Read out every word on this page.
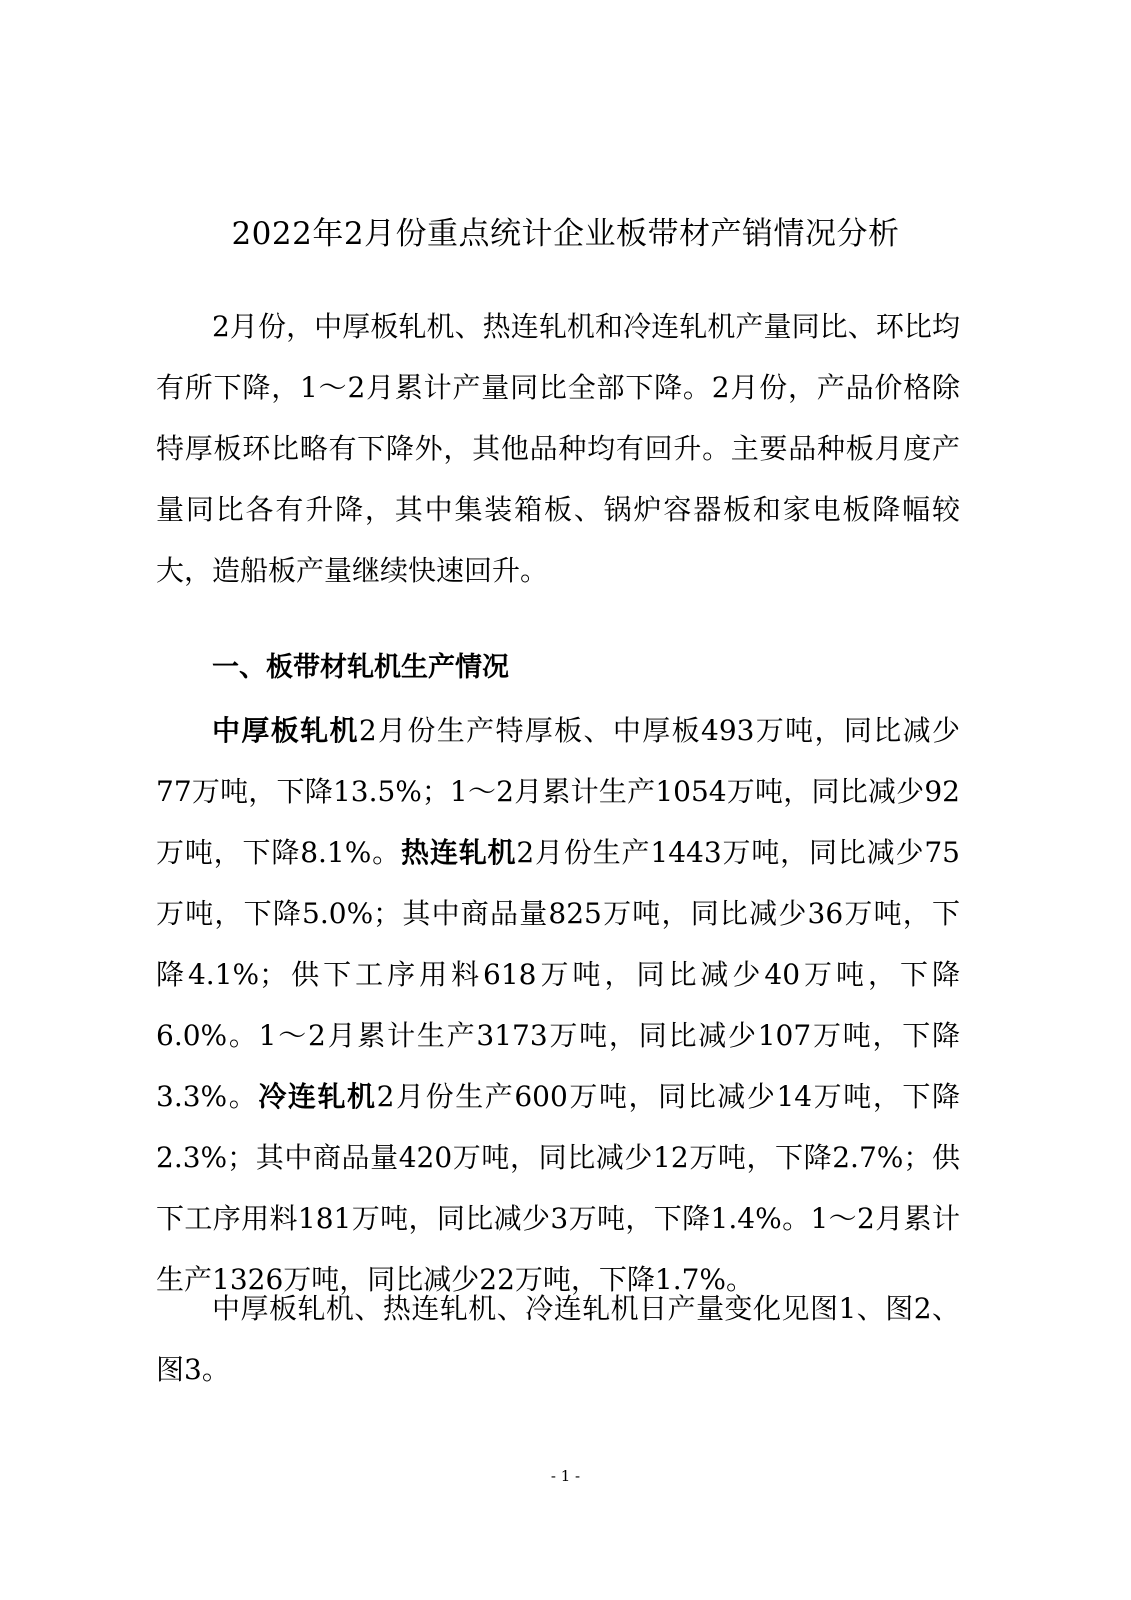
2022年2月份重点统计企业板带材产销情况分析

2月份，中厚板轧机、热连轧机和冷连轧机产量同比、环比均有所下降，1～2月累计产量同比全部下降。2月份，产品价格除特厚板环比略有下降外，其他品种均有回升。主要品种板月度产量同比各有升降，其中集装箱板、锅炉容器板和家电板降幅较大，造船板产量继续快速回升。

一、板带材轧机生产情况

中厚板轧机2月份生产特厚板、中厚板493万吨，同比减少77万吨，下降13.5%；1～2月累计生产1054万吨，同比减少92万吨，下降8.1%。热连轧机2月份生产1443万吨，同比减少75万吨，下降5.0%；其中商品量825万吨，同比减少36万吨，下降4.1%；供下工序用料618万吨，同比减少40万吨，下降6.0%。1～2月累计生产3173万吨，同比减少107万吨，下降3.3%。冷连轧机2月份生产600万吨，同比减少14万吨，下降2.3%；其中商品量420万吨，同比减少12万吨，下降2.7%；供下工序用料181万吨，同比减少3万吨，下降1.4%。1～2月累计生产1326万吨，同比减少22万吨，下降1.7%。

中厚板轧机、热连轧机、冷连轧机日产量变化见图1、图2、图3。

- 1 -
